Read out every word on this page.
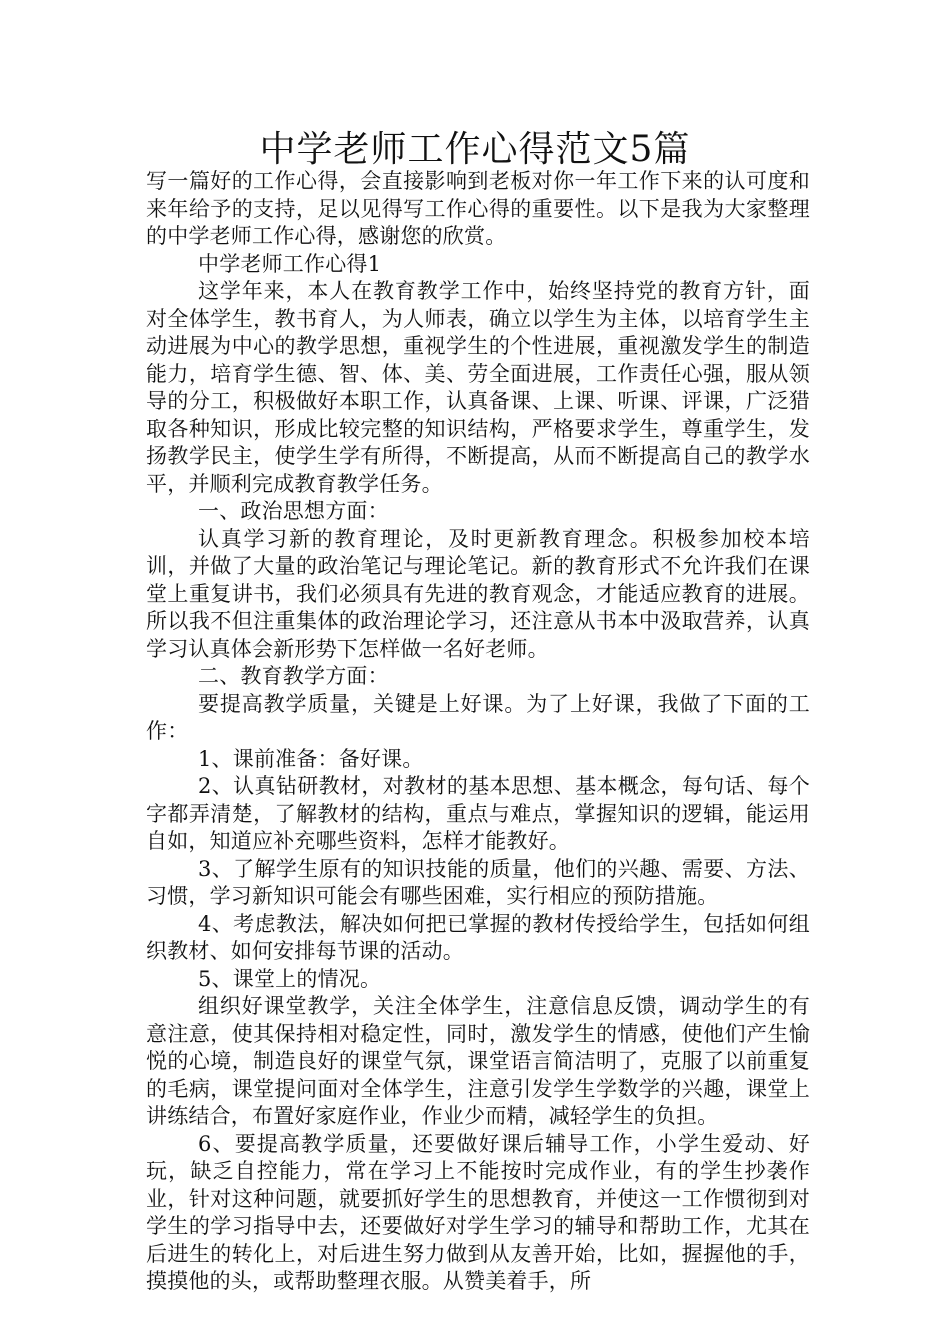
中学老师工作心得范文5篇

写一篇好的工作心得，会直接影响到老板对你一年工作下来的认可度和来年给予的支持，足以见得写工作心得的重要性。以下是我为大家整理的中学老师工作心得，感谢您的欣赏。

中学老师工作心得1

这学年来，本人在教育教学工作中，始终坚持党的教育方针，面对全体学生，教书育人，为人师表，确立以学生为主体，以培育学生主动进展为中心的教学思想，重视学生的个性进展，重视激发学生的制造能力，培育学生德、智、体、美、劳全面进展，工作责任心强，服从领导的分工，积极做好本职工作，认真备课、上课、听课、评课，广泛猎取各种知识，形成比较完整的知识结构，严格要求学生，尊重学生，发扬教学民主，使学生学有所得，不断提高，从而不断提高自己的教学水平，并顺利完成教育教学任务。

一、政治思想方面：

认真学习新的教育理论，及时更新教育理念。积极参加校本培训，并做了大量的政治笔记与理论笔记。新的教育形式不允许我们在课堂上重复讲书，我们必须具有先进的教育观念，才能适应教育的进展。所以我不但注重集体的政治理论学习，还注意从书本中汲取营养，认真学习认真体会新形势下怎样做一名好老师。

二、教育教学方面：

要提高教学质量，关键是上好课。为了上好课，我做了下面的工作：

1、课前准备：备好课。

2、认真钻研教材，对教材的基本思想、基本概念，每句话、每个字都弄清楚，了解教材的结构，重点与难点，掌握知识的逻辑，能运用自如，知道应补充哪些资料，怎样才能教好。

3、了解学生原有的知识技能的质量，他们的兴趣、需要、方法、习惯，学习新知识可能会有哪些困难，实行相应的预防措施。

4、考虑教法，解决如何把已掌握的教材传授给学生，包括如何组织教材、如何安排每节课的活动。

5、课堂上的情况。

组织好课堂教学，关注全体学生，注意信息反馈，调动学生的有意注意，使其保持相对稳定性，同时，激发学生的情感，使他们产生愉悦的心境，制造良好的课堂气氛，课堂语言简洁明了，克服了以前重复的毛病，课堂提问面对全体学生，注意引发学生学数学的兴趣，课堂上讲练结合，布置好家庭作业，作业少而精，减轻学生的负担。

6、要提高教学质量，还要做好课后辅导工作，小学生爱动、好玩，缺乏自控能力，常在学习上不能按时完成作业，有的学生抄袭作业，针对这种问题，就要抓好学生的思想教育，并使这一工作惯彻到对学生的学习指导中去，还要做好对学生学习的辅导和帮助工作，尤其在后进生的转化上，对后进生努力做到从友善开始，比如，握握他的手，摸摸他的头，或帮助整理衣服。从赞美着手，所
